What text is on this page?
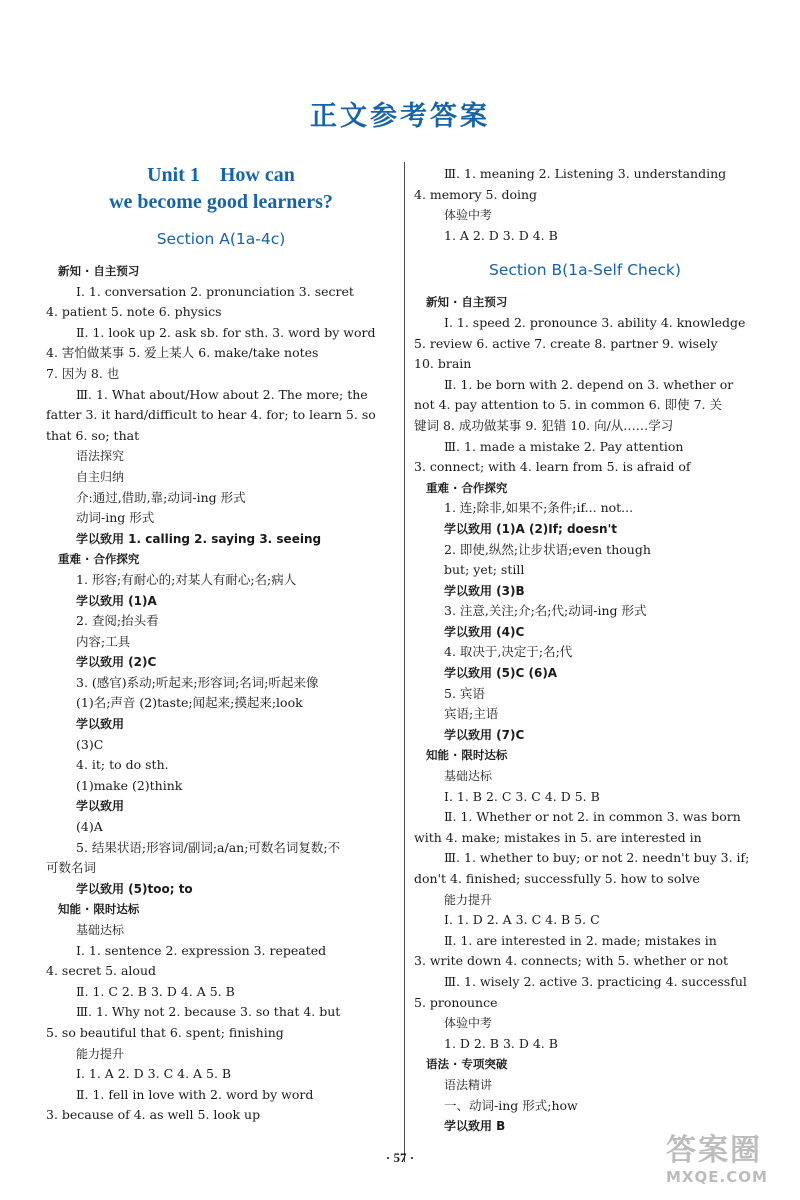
正文参考答案
Unit 1    How can
we become good learners?
Section A(1a-4c)
新知 · 自主预习
Ⅰ. 1. conversation 2. pronunciation 3. secret
4. patient 5. note 6. physics
Ⅱ. 1. look up 2. ask sb. for sth. 3. word by word
4. 害怕做某事 5. 爱上某人 6. make/take notes
7. 因为 8. 也
Ⅲ. 1. What about/How about 2. The more; the
fatter 3. it hard/difficult to hear 4. for; to learn 5. so
that 6. so; that
语法探究
自主归纳
介:通过,借助,靠;动词-ing 形式
动词-ing 形式
学以致用 1. calling 2. saying 3. seeing
重难 · 合作探究
1. 形容;有耐心的;对某人有耐心;名;病人
学以致用 (1)A
2. 查阅;抬头看
内容;工具
学以致用 (2)C
3. (感官)系动;听起来;形容词;名词;听起来像
(1)名;声音 (2)taste;闻起来;摸起来;look
学以致用
(3)C
4. it; to do sth.
(1)make (2)think
学以致用
(4)A
5. 结果状语;形容词/副词;a/an;可数名词复数;不
可数名词
学以致用 (5)too; to
知能 · 限时达标
基础达标
Ⅰ. 1. sentence 2. expression 3. repeated
4. secret 5. aloud
Ⅱ. 1. C 2. B 3. D 4. A 5. B
Ⅲ. 1. Why not 2. because 3. so that 4. but
5. so beautiful that 6. spent; finishing
能力提升
Ⅰ. 1. A 2. D 3. C 4. A 5. B
Ⅱ. 1. fell in love with 2. word by word
3. because of 4. as well 5. look up
Ⅲ. 1. meaning 2. Listening 3. understanding
4. memory 5. doing
体验中考
1. A 2. D 3. D 4. B
Section B(1a-Self Check)
新知 · 自主预习
Ⅰ. 1. speed 2. pronounce 3. ability 4. knowledge
5. review 6. active 7. create 8. partner 9. wisely
10. brain
Ⅱ. 1. be born with 2. depend on 3. whether or
not 4. pay attention to 5. in common 6. 即使 7. 关
键词 8. 成功做某事 9. 犯错 10. 向/从……学习
Ⅲ. 1. made a mistake 2. Pay attention
3. connect; with 4. learn from 5. is afraid of
重难 · 合作探究
1. 连;除非,如果不;条件;if... not...
学以致用 (1)A (2)If; doesn't
2. 即使,纵然;让步状语;even though
but; yet; still
学以致用 (3)B
3. 注意,关注;介;名;代;动词-ing 形式
学以致用 (4)C
4. 取决于,决定于;名;代
学以致用 (5)C (6)A
5. 宾语
宾语;主语
学以致用 (7)C
知能 · 限时达标
基础达标
Ⅰ. 1. B 2. C 3. C 4. D 5. B
Ⅱ. 1. Whether or not 2. in common 3. was born
with 4. make; mistakes in 5. are interested in
Ⅲ. 1. whether to buy; or not 2. needn't buy 3. if;
don't 4. finished; successfully 5. how to solve
能力提升
Ⅰ. 1. D 2. A 3. C 4. B 5. C
Ⅱ. 1. are interested in 2. made; mistakes in
3. write down 4. connects; with 5. whether or not
Ⅲ. 1. wisely 2. active 3. practicing 4. successful
5. pronounce
体验中考
1. D 2. B 3. D 4. B
语法 · 专项突破
语法精讲
一、动词-ing 形式;how
学以致用 B
· 57 ·	答案圈
MXQE.COM
